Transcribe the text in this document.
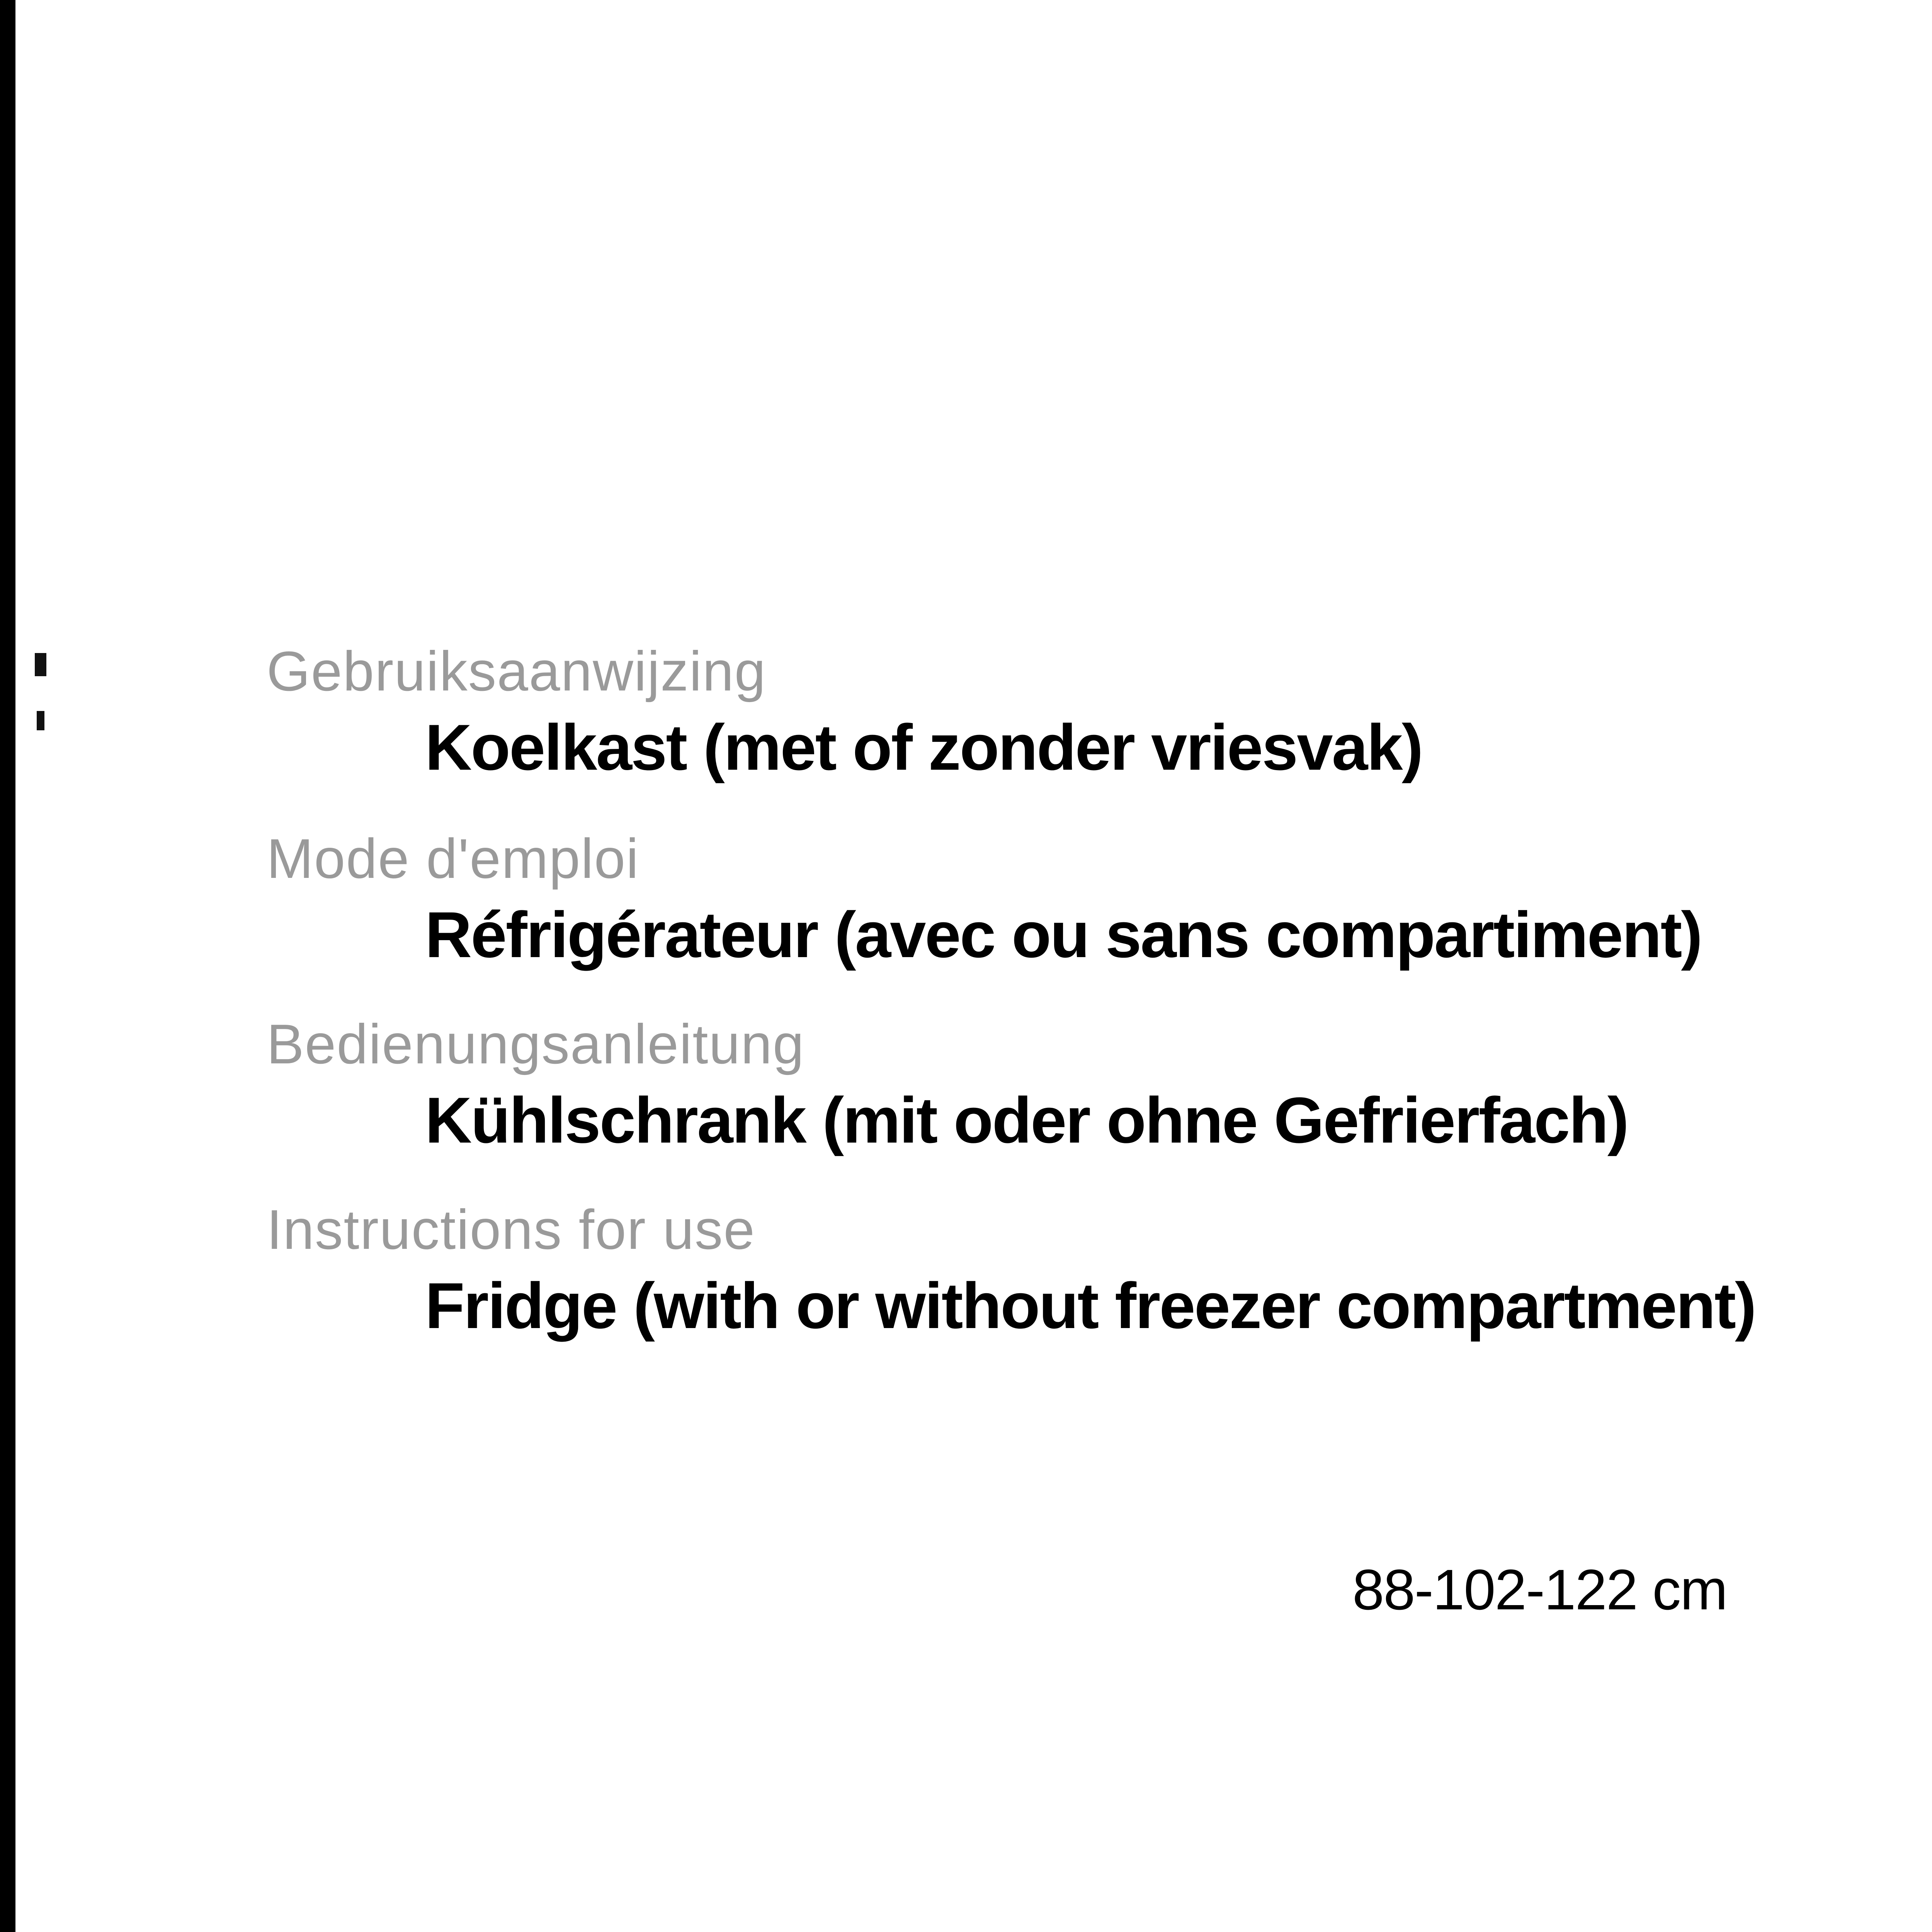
Gebruiksaanwijzing
Koelkast (met of zonder vriesvak)
Mode d'emploi
Réfrigérateur (avec ou sans compartiment)
Bedienungsanleitung
Kühlschrank (mit oder ohne Gefrierfach)
Instructions for use
Fridge (with or without freezer compartment)
88-102-122 cm
